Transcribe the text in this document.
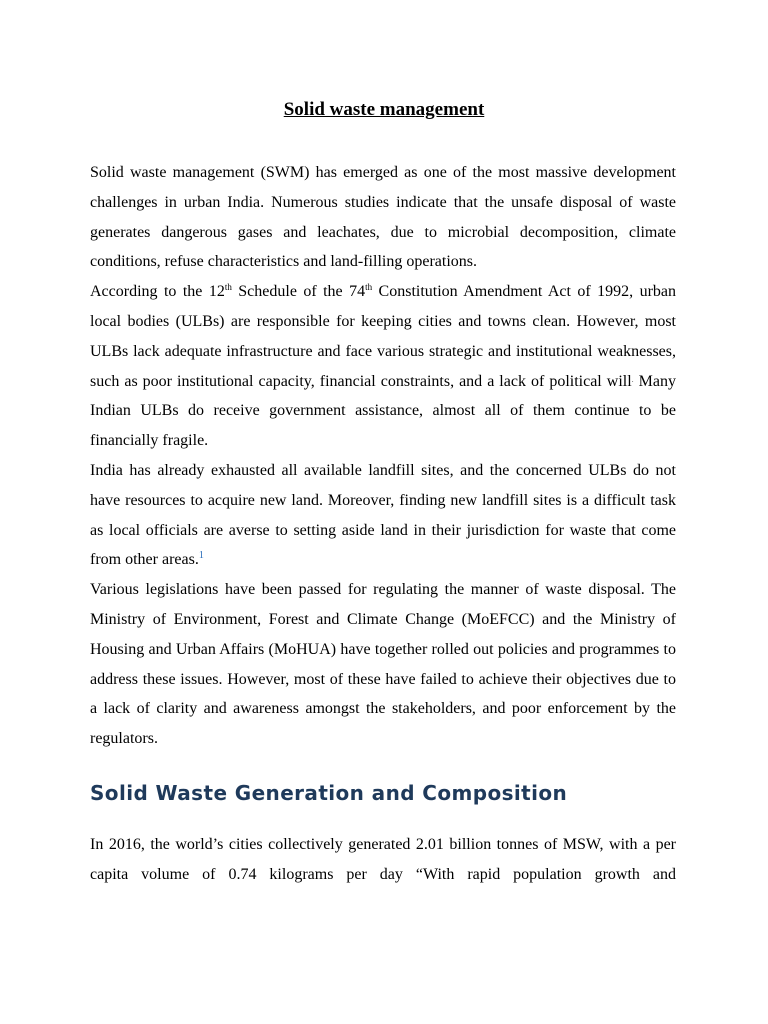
Solid waste management

Solid waste management (SWM) has emerged as one of the most massive development challenges in urban India. Numerous studies indicate that the unsafe disposal of waste generates dangerous gases and leachates, due to microbial decomposition, climate conditions, refuse characteristics and land-filling operations.

According to the 12th Schedule of the 74th Constitution Amendment Act of 1992, urban local bodies (ULBs) are responsible for keeping cities and towns clean. However, most ULBs lack adequate infrastructure and face various strategic and institutional weaknesses, such as poor institutional capacity, financial constraints, and a lack of political will. Many Indian ULBs do receive government assistance, almost all of them continue to be financially fragile.

India has already exhausted all available landfill sites, and the concerned ULBs do not have resources to acquire new land. Moreover, finding new landfill sites is a difficult task as local officials are averse to setting aside land in their jurisdiction for waste that come from other areas.$^1$

Various legislations have been passed for regulating the manner of waste disposal. The Ministry of Environment, Forest and Climate Change (MoEFCC) and the Ministry of Housing and Urban Affairs (MoHUA) have together rolled out policies and programmes to address these issues. However, most of these have failed to achieve their objectives due to a lack of clarity and awareness amongst the stakeholders, and poor enforcement by the regulators.

Solid Waste Generation and Composition

In 2016, the world’s cities collectively generated 2.01 billion tonnes of MSW, with a per capita volume of 0.74 kilograms per day “With rapid population growth and
